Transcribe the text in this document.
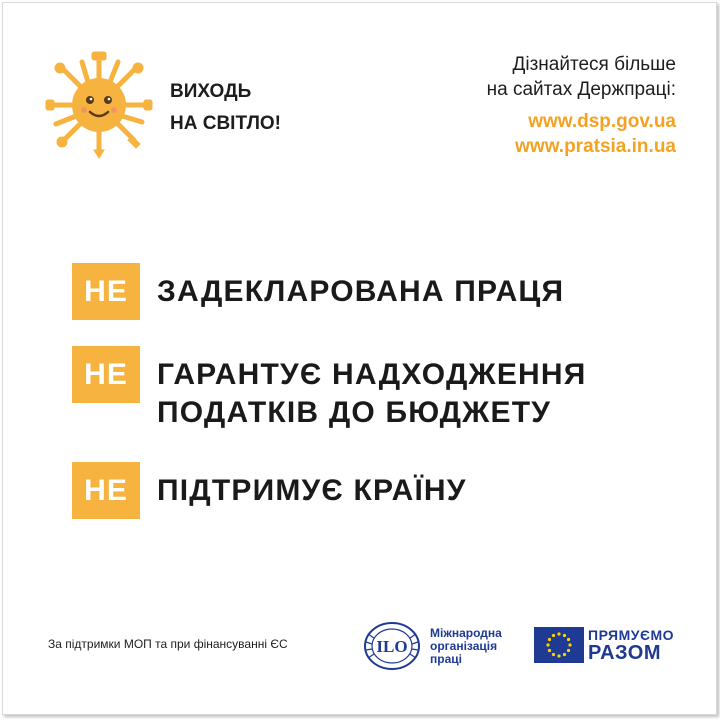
ВИХОДЬ
НА СВІТЛО!
Дізнайтеся більше
на сайтах Держпраці:
www.dsp.gov.ua
www.pratsia.in.ua
НЕ ЗАДЕКЛАРОВАНА ПРАЦЯ
НЕ ГАРАНТУЄ НАДХОДЖЕННЯ
ПОДАТКІВ ДО БЮДЖЕТУ
НЕ ПІДТРИМУЄ КРАЇНУ
За підтримки МОП та при фінансуванні ЄС	ILO
Міжнародна
організація
праці
ПРЯМУЄМО
РАЗОМ
